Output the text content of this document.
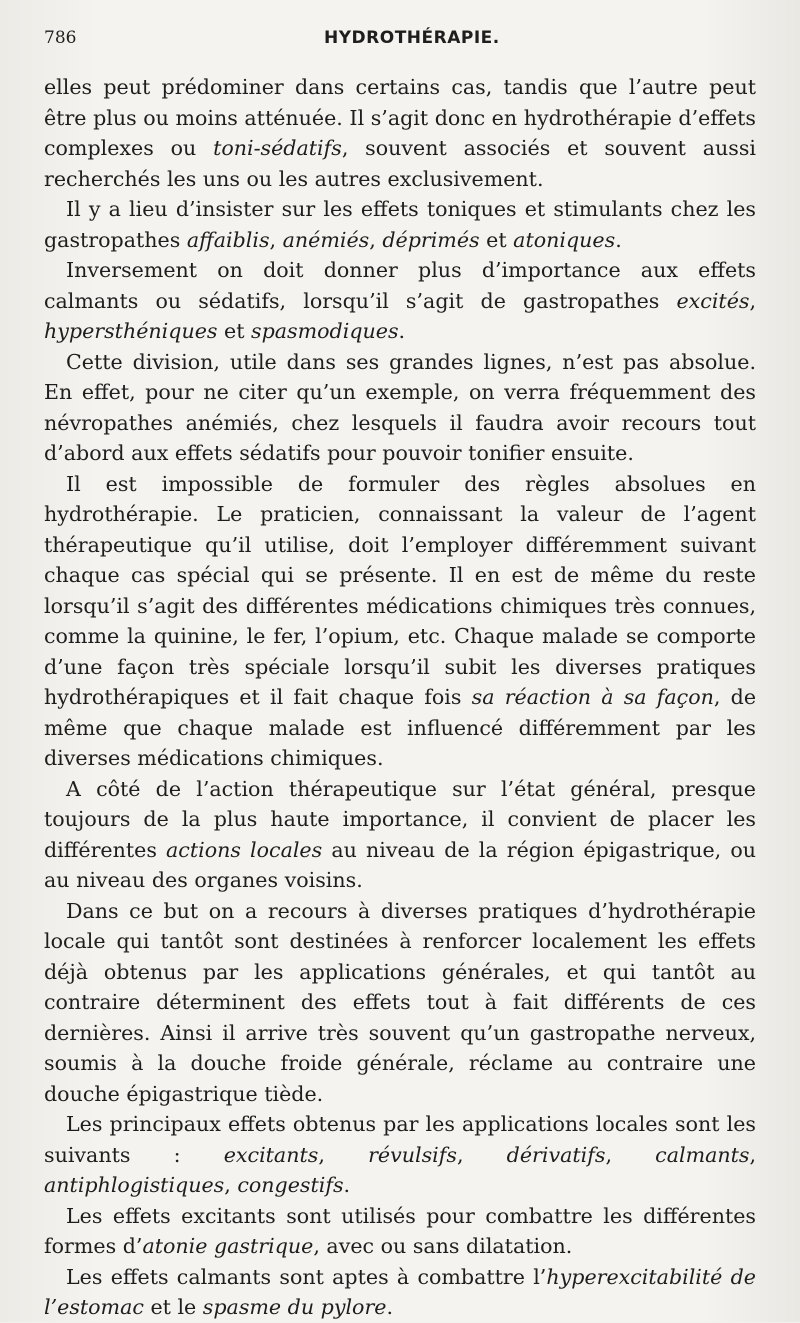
786	HYDROTHÉRAPIE.

elles peut prédominer dans certains cas, tandis que l’autre peut être plus ou moins atténuée. Il s’agit donc en hydrothérapie d’effets complexes ou toni-sédatifs, souvent associés et souvent aussi recherchés les uns ou les autres exclusivement.

Il y a lieu d’insister sur les effets toniques et stimulants chez les gastropathes affaiblis, anémiés, déprimés et atoniques.

Inversement on doit donner plus d’importance aux effets calmants ou sédatifs, lorsqu’il s’agit de gastropathes excités, hypersthéniques et spasmodiques.

Cette division, utile dans ses grandes lignes, n’est pas absolue. En effet, pour ne citer qu’un exemple, on verra fréquemment des névropathes anémiés, chez lesquels il faudra avoir recours tout d’abord aux effets sédatifs pour pouvoir tonifier ensuite.

Il est impossible de formuler des règles absolues en hydrothérapie. Le praticien, connaissant la valeur de l’agent thérapeutique qu’il utilise, doit l’employer différemment suivant chaque cas spécial qui se présente. Il en est de même du reste lorsqu’il s’agit des différentes médications chimiques très connues, comme la quinine, le fer, l’opium, etc. Chaque malade se comporte d’une façon très spéciale lorsqu’il subit les diverses pratiques hydrothérapiques et il fait chaque fois sa réaction à sa façon, de même que chaque malade est influencé différemment par les diverses médications chimiques.

A côté de l’action thérapeutique sur l’état général, presque toujours de la plus haute importance, il convient de placer les différentes actions locales au niveau de la région épigastrique, ou au niveau des organes voisins.

Dans ce but on a recours à diverses pratiques d’hydrothérapie locale qui tantôt sont destinées à renforcer localement les effets déjà obtenus par les applications générales, et qui tantôt au contraire déterminent des effets tout à fait différents de ces dernières. Ainsi il arrive très souvent qu’un gastropathe nerveux, soumis à la douche froide générale, réclame au contraire une douche épigastrique tiède.

Les principaux effets obtenus par les applications locales sont les suivants : excitants, révulsifs, dérivatifs, calmants, antiphlogistiques, congestifs.

Les effets excitants sont utilisés pour combattre les différentes formes d’atonie gastrique, avec ou sans dilatation.

Les effets calmants sont aptes à combattre l’hyperexcitabilité de l’estomac et le spasme du pylore.
